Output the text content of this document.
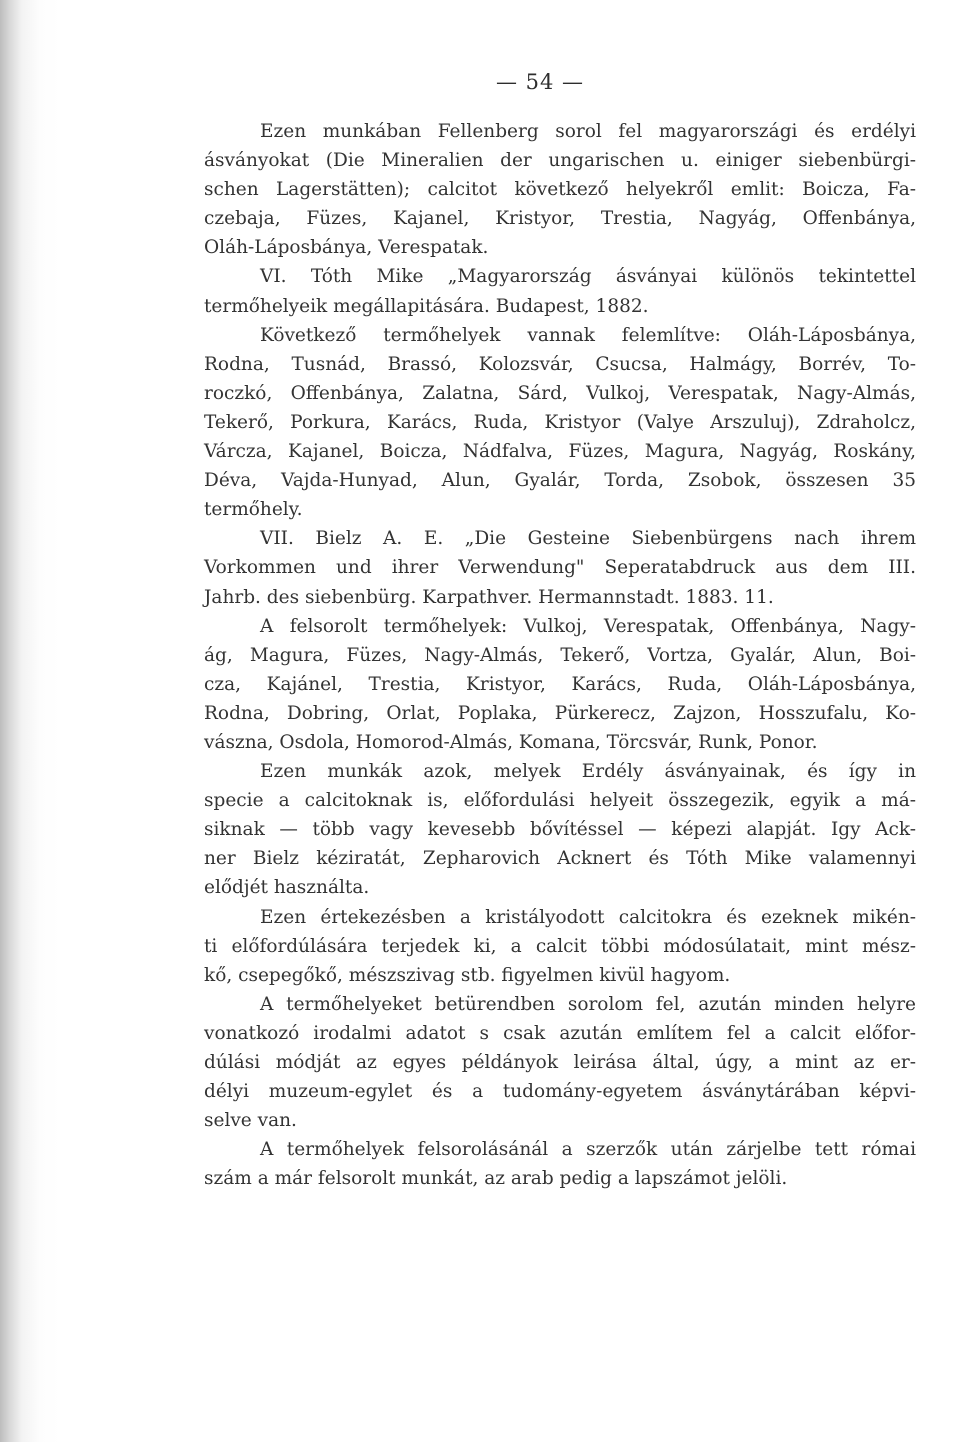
— 54 —
Ezen munkában Fellenberg sorol fel magyarországi és erdélyi
ásványokat (Die Mineralien der ungarischen u. einiger siebenbürgi-
schen Lagerstätten); calcitot következő helyekről emlit: Boicza, Fa-
czebaja, Füzes, Kajanel, Kristyor, Trestia, Nagyág, Offenbánya,
Oláh-Láposbánya, Verespatak.
VI. Tóth Mike „Magyarország ásványai különös tekintettel
termőhelyeik megállapitására. Budapest, 1882.
Következő termőhelyek vannak felemlítve: Oláh-Láposbánya,
Rodna, Tusnád, Brassó, Kolozsvár, Csucsa, Halmágy, Borrév, To-
roczkó, Offenbánya, Zalatna, Sárd, Vulkoj, Verespatak, Nagy-Almás,
Tekerő, Porkura, Karács, Ruda, Kristyor (Valye Arszuluj), Zdraholcz,
Várcza, Kajanel, Boicza, Nádfalva, Füzes, Magura, Nagyág, Roskány,
Déva, Vajda-Hunyad, Alun, Gyalár, Torda, Zsobok, összesen 35
termőhely.
VII. Bielz A. E. „Die Gesteine Siebenbürgens nach ihrem
Vorkommen und ihrer Verwendung" Seperatabdruck aus dem III.
Jahrb. des siebenbürg. Karpathver. Hermannstadt. 1883. 11.
A felsorolt termőhelyek: Vulkoj, Verespatak, Offenbánya, Nagy-
ág, Magura, Füzes, Nagy-Almás, Tekerő, Vortza, Gyalár, Alun, Boi-
cza, Kajánel, Trestia, Kristyor, Karács, Ruda, Oláh-Láposbánya,
Rodna, Dobring, Orlat, Poplaka, Pürkerecz, Zajzon, Hosszufalu, Ko-
vászna, Osdola, Homorod-Almás, Komana, Törcsvár, Runk, Ponor.
Ezen munkák azok, melyek Erdély ásványainak, és így in
specie a calcitoknak is, előfordulási helyeit összegezik, egyik a má-
siknak — több vagy kevesebb bővítéssel — képezi alapját. Igy Ack-
ner Bielz kéziratát, Zepharovich Acknert és Tóth Mike valamennyi
elődjét használta.
Ezen értekezésben a kristályodott calcitokra és ezeknek mikén-
ti előfordúlására terjedek ki, a calcit többi módosúlatait, mint mész-
kő, csepegőkő, mészszivag stb. figyelmen kivül hagyom.
A termőhelyeket betürendben sorolom fel, azután minden helyre
vonatkozó irodalmi adatot s csak azután említem fel a calcit előfor-
dúlási módját az egyes példányok leirása által, úgy, a mint az er-
délyi muzeum-egylet és a tudomány-egyetem ásványtárában képvi-
selve van.
A termőhelyek felsorolásánál a szerzők után zárjelbe tett római
szám a már felsorolt munkát, az arab pedig a lapszámot jelöli.
